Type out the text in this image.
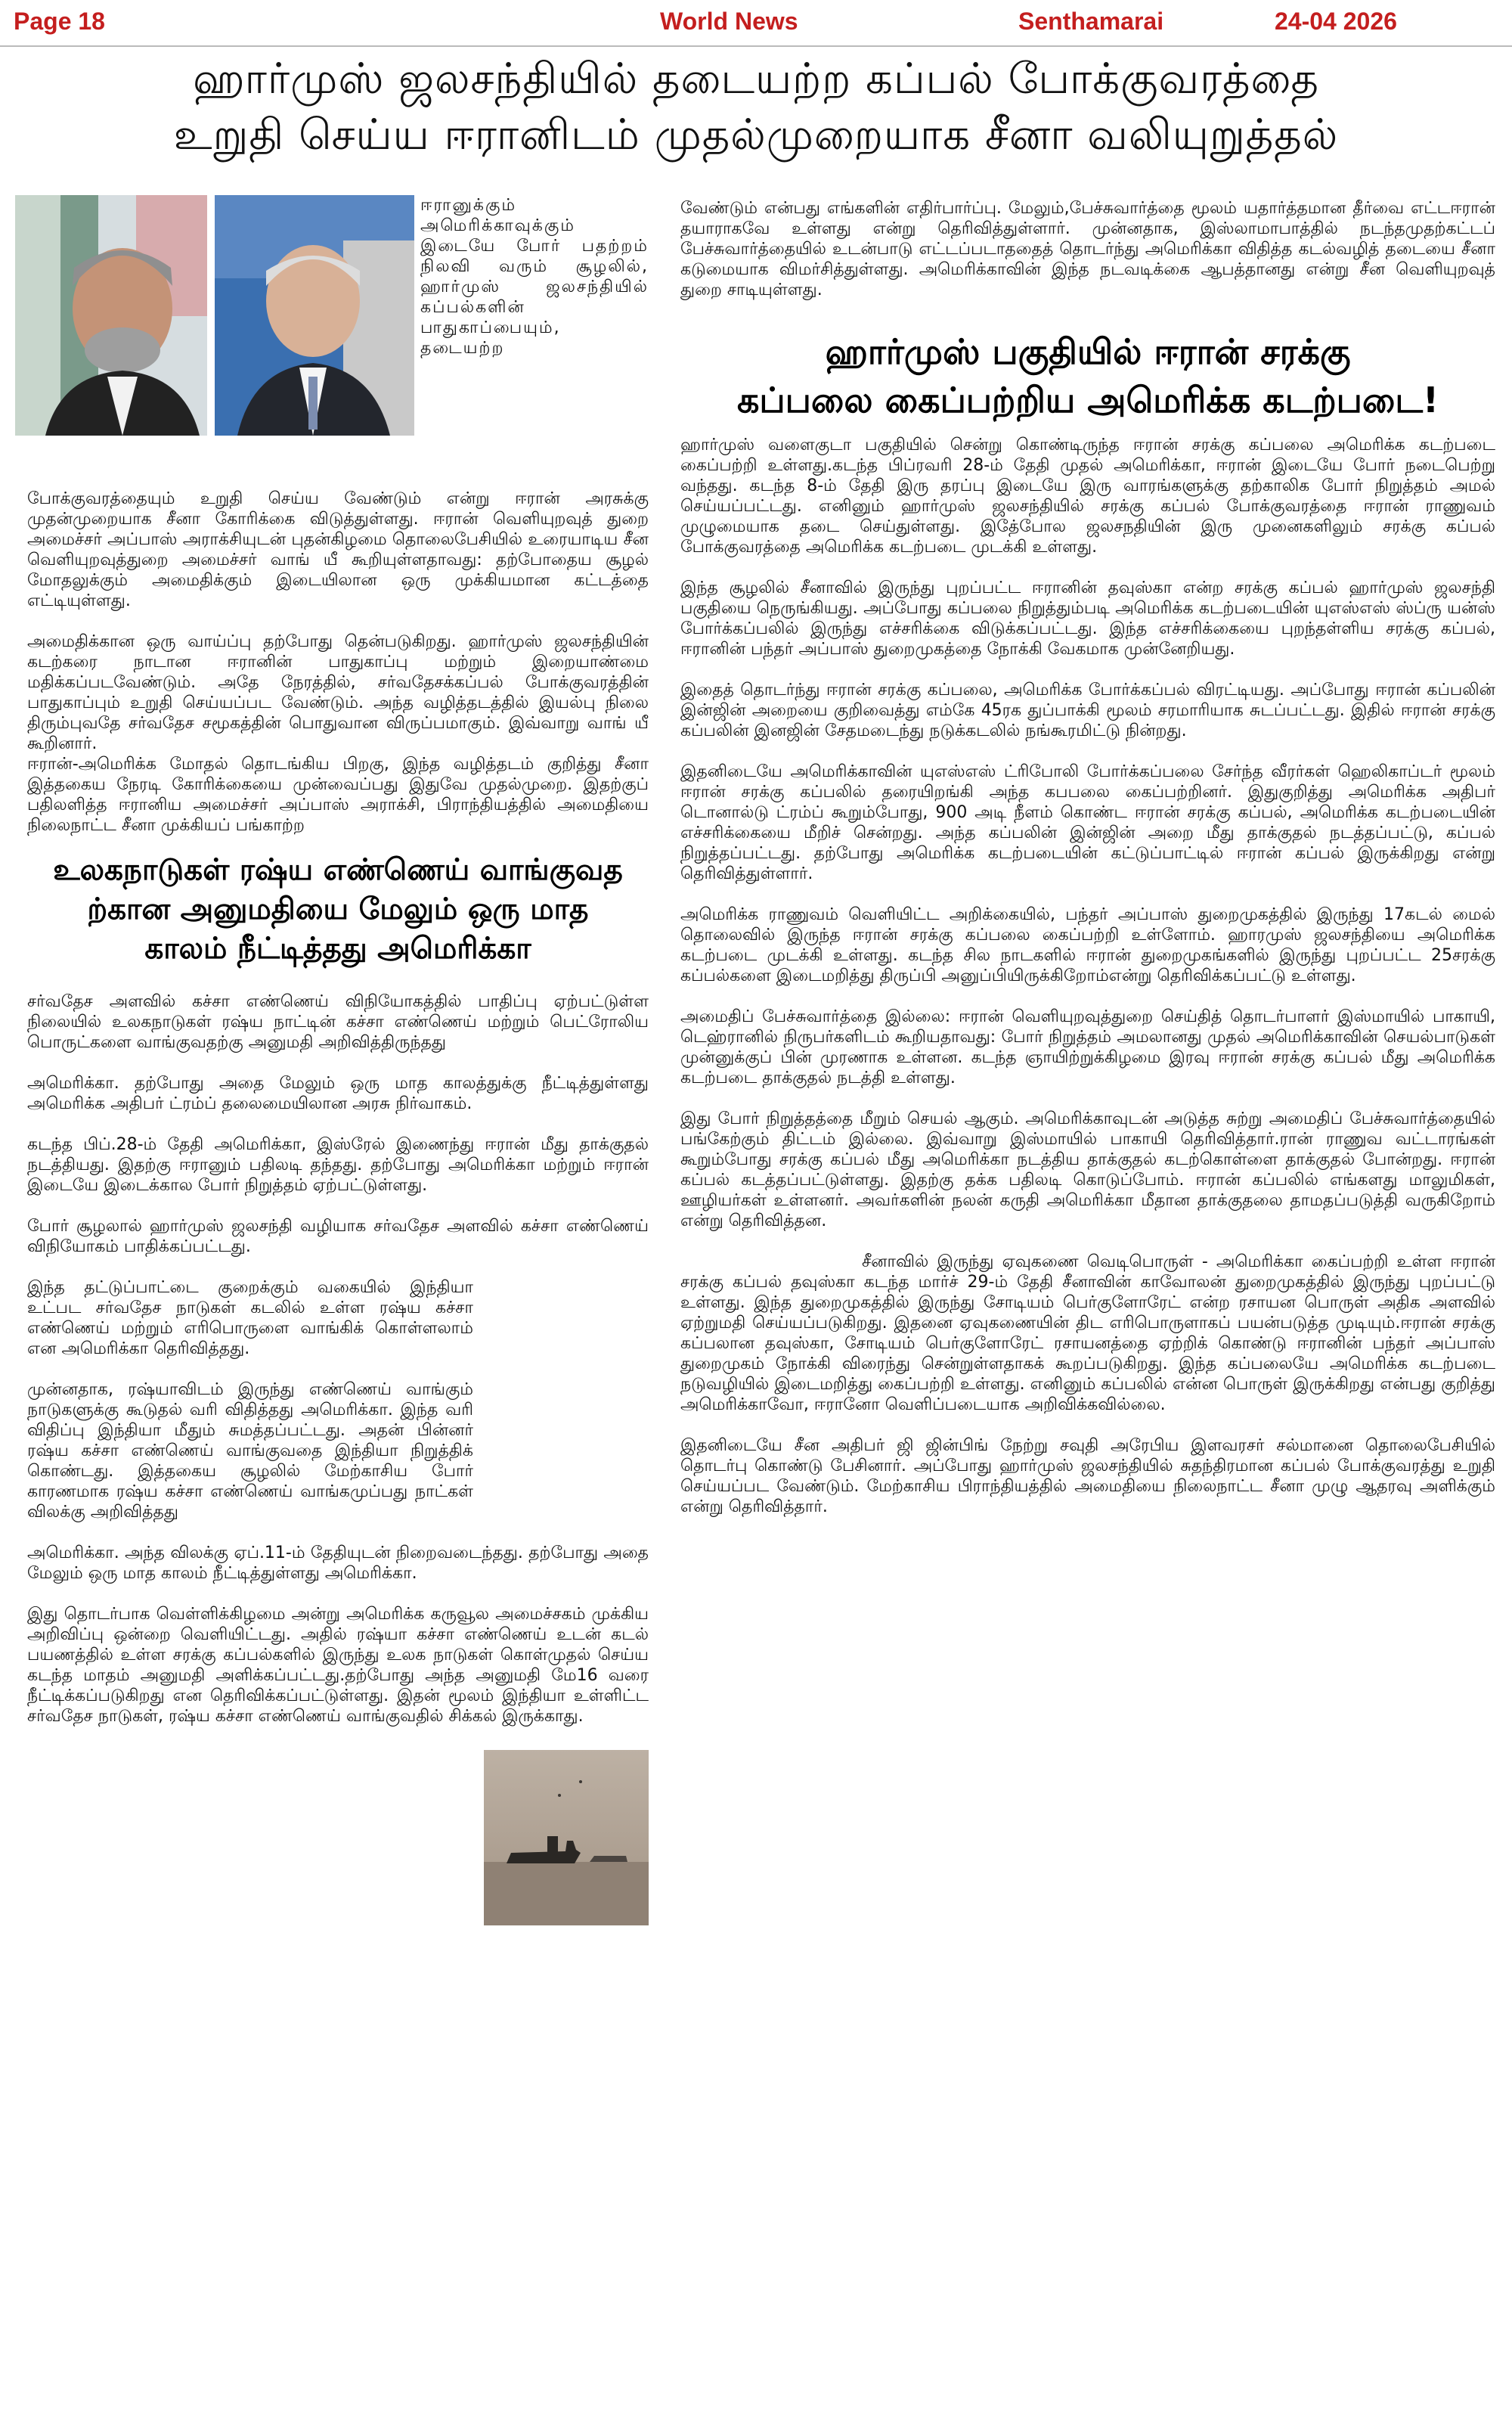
Page 18	World News	Senthamarai	24-04 2026
ஹார்முஸ் ஜலசந்தியில் தடையற்ற கப்பல் போக்குவரத்தை
உறுதி செய்ய ஈரானிடம் முதல்முறையாக சீனா வலியுறுத்தல்

ஈரானுக்கும் அமெரிக்காவுக்கும் இடையே போர் பதற்றம் நிலவி வரும் சூழலில், ஹார்முஸ் ஜலசந்தியில் கப்பல்களின் பாதுகாப்பையும், தடையற்ற

போக்குவரத்தையும் உறுதி செய்ய வேண்டும் என்று ஈரான் அரசுக்கு முதன்முறையாக சீனா கோரிக்கை விடுத்துள்ளது. ஈரான் வெளியுறவுத் துறை அமைச்சர் அப்பாஸ் அராக்சியுடன் புதன்கிழமை தொலைபேசியில் உரையாடிய சீன வெளியுறவுத்துறை அமைச்சர் வாங் யீ கூறியுள்ளதாவது: தற்போதைய சூழல் மோதலுக்கும் அமைதிக்கும் இடையிலான ஒரு முக்கியமான கட்டத்தை எட்டியுள்ளது.

அமைதிக்கான ஒரு வாய்ப்பு தற்போது தென்படுகிறது. ஹார்முஸ் ஜலசந்தியின் கடற்கரை நாடான ஈரானின் பாதுகாப்பு மற்றும் இறையாண்மை மதிக்கப்படவேண்டும். அதே நேரத்தில், சர்வதேசக்கப்பல் போக்குவரத்தின் பாதுகாப்பும் உறுதி செய்யப்பட வேண்டும். அந்த வழித்தடத்தில் இயல்பு நிலை திரும்புவதே சர்வதேச சமூகத்தின் பொதுவான விருப்பமாகும். இவ்வாறு வாங் யீ கூறினார்.

ஈரான்-அமெரிக்க மோதல் தொடங்கிய பிறகு, இந்த வழித்தடம் குறித்து சீனா இத்தகைய நேரடி கோரிக்கையை முன்வைப்பது இதுவே முதல்முறை. இதற்குப் பதிலளித்த ஈரானிய அமைச்சர் அப்பாஸ் அராக்சி, பிராந்தியத்தில் அமைதியை நிலைநாட்ட சீனா முக்கியப் பங்காற்ற

உலகநாடுகள் ரஷ்ய எண்ணெய் வாங்குவத
ற்கான அனுமதியை மேலும் ஒரு மாத
காலம் நீட்டித்தது அமெரிக்கா

சர்வதேச அளவில் கச்சா எண்ணெய் விநியோகத்தில் பாதிப்பு ஏற்பட்டுள்ள நிலையில் உலகநாடுகள் ரஷ்ய நாட்டின் கச்சா எண்ணெய் மற்றும் பெட்ரோலிய பொருட்களை வாங்குவதற்கு அனுமதி அறிவித்திருந்தது

அமெரிக்கா. தற்போது அதை மேலும் ஒரு மாத காலத்துக்கு நீட்டித்துள்ளது அமெரிக்க அதிபர் ட்ரம்ப் தலைமையிலான அரசு நிர்வாகம்.

கடந்த பிப்.28-ம் தேதி அமெரிக்கா, இஸ்ரேல் இணைந்து ஈரான் மீது தாக்குதல் நடத்தியது. இதற்கு ஈரானும் பதிலடி தந்தது. தற்போது அமெரிக்கா மற்றும் ஈரான் இடையே இடைக்கால போர் நிறுத்தம் ஏற்பட்டுள்ளது.

போர் சூழலால் ஹார்முஸ் ஜலசந்தி வழியாக சர்வதேச அளவில் கச்சா எண்ணெய் விநியோகம் பாதிக்கப்பட்டது.

இந்த தட்டுப்பாட்டை குறைக்கும் வகையில் இந்தியா உட்பட சர்வதேச நாடுகள் கடலில் உள்ள ரஷ்ய கச்சா எண்ணெய் மற்றும் எரிபொருளை வாங்கிக் கொள்ளலாம் என அமெரிக்கா தெரிவித்தது.

முன்னதாக, ரஷ்யாவிடம் இருந்து எண்ணெய் வாங்கும் நாடுகளுக்கு கூடுதல் வரி விதித்தது அமெரிக்கா. இந்த வரி விதிப்பு இந்தியா மீதும் சுமத்தப்பட்டது. அதன் பின்னர் ரஷ்ய கச்சா எண்ணெய் வாங்குவதை இந்தியா நிறுத்திக் கொண்டது. இத்தகைய சூழலில் மேற்காசிய போர் காரணமாக ரஷ்ய கச்சா எண்ணெய் வாங்கமுப்பது நாட்கள் விலக்கு அறிவித்தது

அமெரிக்கா. அந்த விலக்கு ஏப்.11-ம் தேதியுடன் நிறைவடைந்தது. தற்போது அதை மேலும் ஒரு மாத காலம் நீட்டித்துள்ளது அமெரிக்கா.

இது தொடர்பாக வெள்ளிக்கிழமை அன்று அமெரிக்க கருவூல அமைச்சகம் முக்கிய அறிவிப்பு ஒன்றை வெளியிட்டது. அதில் ரஷ்யா கச்சா எண்ணெய் உடன் கடல் பயணத்தில் உள்ள சரக்கு கப்பல்களில் இருந்து உலக நாடுகள் கொள்முதல் செய்ய கடந்த மாதம் அனுமதி அளிக்கப்பட்டது.தற்போது அந்த அனுமதி மே16 வரை நீட்டிக்கப்படுகிறது என தெரிவிக்கப்பட்டுள்ளது. இதன் மூலம் இந்தியா உள்ளிட்ட சர்வதேச நாடுகள், ரஷ்ய கச்சா எண்ணெய் வாங்குவதில் சிக்கல் இருக்காது.

வேண்டும் என்பது எங்களின் எதிர்பார்ப்பு. மேலும்,பேச்சுவார்த்தை மூலம் யதார்த்தமான தீர்வை எட்டஈரான் தயாராகவே உள்ளது என்று தெரிவித்துள்ளார். முன்னதாக, இஸ்லாமாபாத்தில் நடந்தமுதற்கட்டப் பேச்சுவார்த்தையில் உடன்பாடு எட்டப்படாததைத் தொடர்ந்து அமெரிக்கா விதித்த கடல்வழித் தடையை சீனா கடுமையாக விமர்சித்துள்ளது. அமெரிக்காவின் இந்த நடவடிக்கை ஆபத்தானது என்று சீன வெளியுறவுத் துறை சாடியுள்ளது.

ஹார்முஸ் பகுதியில் ஈரான் சரக்கு
கப்பலை கைப்பற்றிய அமெரிக்க கடற்படை!

ஹார்முஸ் வளைகுடா பகுதியில் சென்று கொண்டிருந்த ஈரான் சரக்கு கப்பலை அமெரிக்க கடற்படை கைப்பற்றி உள்ளது.கடந்த பிப்ரவரி 28-ம் தேதி முதல் அமெரிக்கா, ஈரான் இடையே போர் நடைபெற்று வந்தது. கடந்த 8-ம் தேதி இரு தரப்பு இடையே இரு வாரங்களுக்கு தற்காலிக போர் நிறுத்தம் அமல் செய்யப்பட்டது. எனினும் ஹார்முஸ் ஜலசந்தியில் சரக்கு கப்பல் போக்குவரத்தை ஈரான் ராணுவம் முழுமையாக தடை செய்துள்ளது. இதே்போல ஜலசநதியின் இரு முனைகளிலும் சரக்கு கப்பல் போக்குவரத்தை அமெரிக்க கடற்படை முடக்கி உள்ளது.

இந்த சூழலில் சீனாவில் இருந்து புறப்பட்ட ஈரானின் தவுஸ்கா என்ற சரக்கு கப்பல் ஹார்முஸ் ஜலசந்தி பகுதியை நெருங்கியது. அப்போது கப்பலை நிறுத்தும்படி அமெரிக்க கடற்படையின் யுஎஸ்எஸ் ஸ்ப்ரு யன்ஸ் போர்க்கப்பலில் இருந்து எச்சரிக்கை விடுக்கப்பட்டது. இந்த எச்சரிக்கையை புறந்தள்ளிய சரக்கு கப்பல், ஈரானின் பந்தர் அப்பாஸ் துறைமுகத்தை நோக்கி வேகமாக முன்னேறியது.

இதைத் தொடர்ந்து ஈரான் சரக்கு கப்பலை, அமெரிக்க போர்க்கப்பல் விரட்டியது. அப்போது ஈரான் கப்பலின் இன்ஜின் அறையை குறிவைத்து எம்கே 45ரக துப்பாக்கி மூலம் சரமாரியாக சுடப்பட்டது. இதில் ஈரான் சரக்கு கப்பலின் இனஜின் சேதமடைந்து நடுக்கடலில் நங்கூரமிட்டு நின்றது.

இதனிடையே அமெரிக்காவின் யுஎஸ்எஸ் ட்ரிபோலி போர்க்கப்பலை சேர்ந்த வீரர்கள் ஹெலிகாப்டர் மூலம் ஈரான் சரக்கு கப்பலில் தரையிறங்கி அந்த கபபலை கைப்பற்றினர். இதுகுறித்து அமெரிக்க அதிபர் டொனால்டு ட்ரம்ப் கூறும்போது, 900 அடி நீளம் கொண்ட ஈரான் சரக்கு கப்பல், அமெரிக்க கடற்படையின் எச்சரிக்கையை மீறிச் சென்றது. அந்த கப்பலின் இன்ஜின் அறை மீது தாக்குதல் நடத்தப்பட்டு, கப்பல் நிறுத்தப்பட்டது. தற்போது அமெரிக்க கடற்படையின் கட்டுப்பாட்டில் ஈரான் கப்பல் இருக்கிறது என்று தெரிவித்துள்ளார்.

அமெரிக்க ராணுவம் வெளியிட்ட அறிக்கையில், பந்தர் அப்பாஸ் துறைமுகத்தில் இருந்து 17கடல் மைல் தொலைவில் இருந்த ஈரான் சரக்கு கப்பலை கைப்பற்றி உள்ளோம். ஹாரமுஸ் ஜலசந்தியை அமெரிக்க கடற்படை முடக்கி உள்ளது. கடந்த சில நாடகளில் ஈரான் துறைமுகங்களில் இருந்து புறப்பட்ட 25சரக்கு கப்பல்களை இடைமறித்து திருப்பி அனுப்பியிருக்கிறோம்என்று தெரிவிக்கப்பட்டு உள்ளது.

அமைதிப் பேச்சுவார்த்தை இல்லை: ஈரான் வெளியுறவுத்துறை செய்தித் தொடர்பாளர் இஸ்மாயில் பாகாயி, டெஹ்ரானில் நிருபர்களிடம் கூறியதாவது: போர் நிறுத்தம் அமலானது முதல் அமெரிக்காவின் செயல்பாடுகள் முன்னுக்குப் பின் முரணாக உள்ளன. கடந்த ஞாயிற்றுக்கிழமை இரவு ஈரான் சரக்கு கப்பல் மீது அமெரிக்க கடற்படை தாக்குதல் நடத்தி உள்ளது.

இது போர் நிறுத்தத்தை மீறும் செயல் ஆகும். அமெரிக்காவுடன் அடுத்த சுற்று அமைதிப் பேச்சுவார்த்தையில் பங்கேற்கும் திட்டம் இல்லை. இவ்வாறு இஸ்மாயில் பாகாயி தெரிவித்தார்.ரான் ராணுவ வட்டாரங்கள் கூறும்போது சரக்கு கப்பல் மீது அமெரிக்கா நடத்திய தாக்குதல் கடற்கொள்ளை தாக்குதல் போன்றது. ஈரான் கப்பல் கடத்தப்பட்டுள்ளது. இதற்கு தக்க பதிலடி கொடுப்போம். ஈரான் கப்பலில் எங்களது மாலுமிகள், ஊழியர்கள் உள்ளனர். அவர்களின் நலன் கருதி அமெரிக்கா மீதான தாக்குதலை தாமதப்படுத்தி வருகிறோம் என்று தெரிவித்தன.

சீனாவில் இருந்து ஏவுகணை வெடிபொருள் - அமெரிக்கா கைப்பற்றி உள்ள ஈரான் சரக்கு கப்பல் தவுஸ்கா கடந்த மார்ச் 29-ம் தேதி சீனாவின் காவோலன் துறைமுகத்தில் இருந்து புறப்பட்டு உள்ளது. இந்த துறைமுகத்தில் இருந்து சோடியம் பெர்குளோரேட் என்ற ரசாயன பொருள் அதிக அளவில் ஏற்றுமதி செய்யப்படுகிறது. இதனை ஏவுகணையின் திட எரிபொருளாகப் பயன்படுத்த முடியும்.ஈரான் சரக்கு கப்பலான தவுஸ்கா, சோடியம் பெர்குளோரேட் ரசாயனத்தை ஏற்றிக் கொண்டு ஈரானின் பந்தர் அப்பாஸ் துறைமுகம் நோக்கி விரைந்து சென்றுள்ளதாகக் கூறப்படுகிறது. இந்த கப்பலையே அமெரிக்க கடற்படை நடுவழியில் இடைமறித்து கைப்பற்றி உள்ளது. எனினும் கப்பலில் என்ன பொருள் இருக்கிறது என்பது குறித்து அமெரிக்காவோ, ஈரானோ வெளிப்படையாக அறிவிக்கவில்லை.

இதனிடையே சீன அதிபர் ஜி ஜின்பிங் நேற்று சவுதி அரேபிய இளவரசர் சல்மானை தொலைபேசியில் தொடர்பு கொண்டு பேசினார். அப்போது ஹார்முஸ் ஜலசந்தியில் சுதந்திரமான கப்பல் போக்குவரத்து உறுதி செய்யப்பட வேண்டும். மேற்காசிய பிராந்தியத்தில் அமைதியை நிலைநாட்ட சீனா முழு ஆதரவு அளிக்கும் என்று தெரிவித்தார்.
